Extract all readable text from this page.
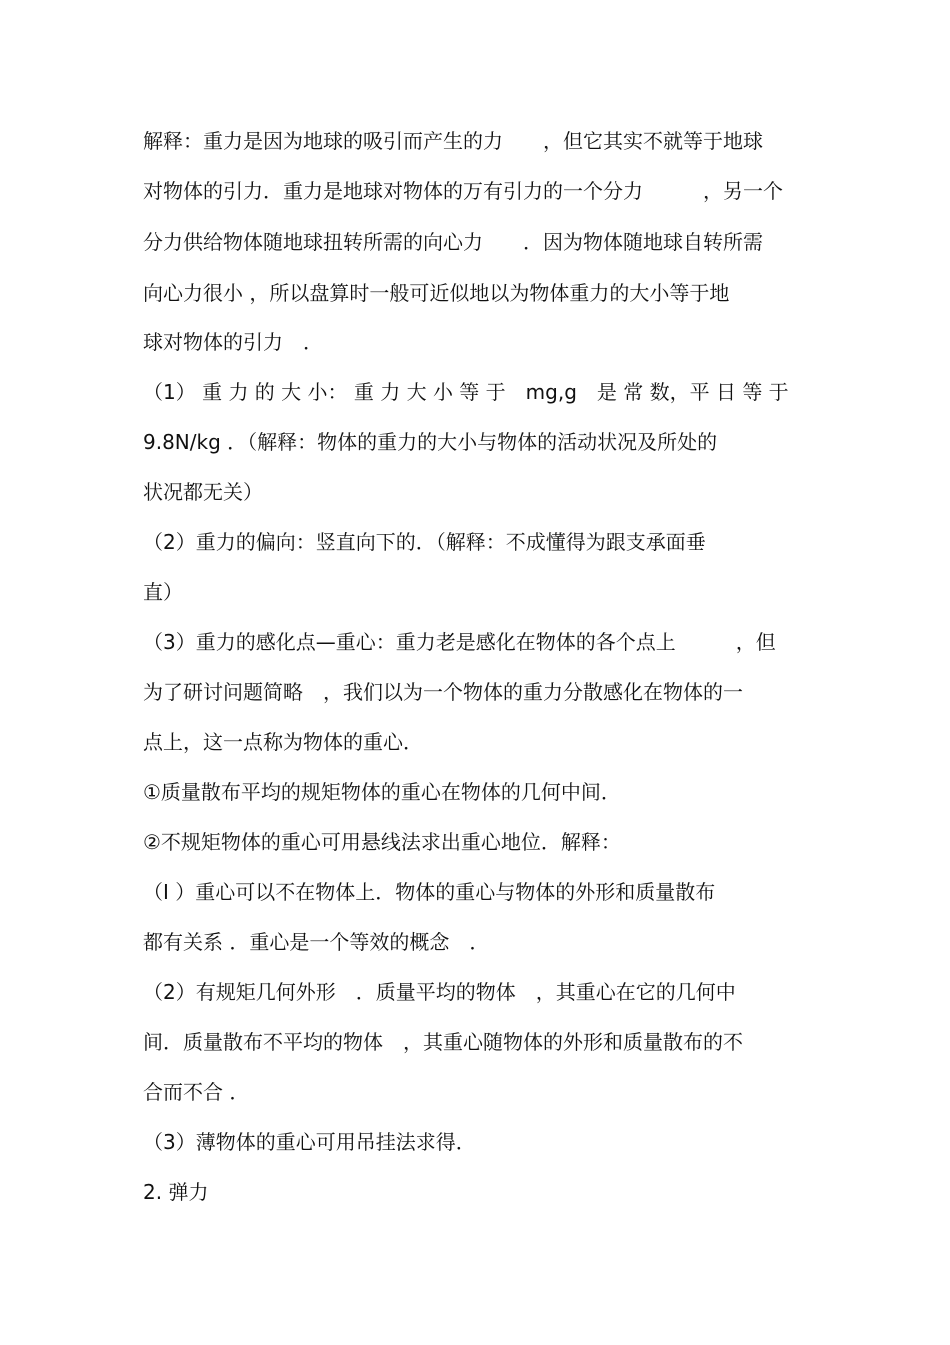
解释：重力是因为地球的吸引而产生的力　　，但它其实不就等于地球
对物体的引力．重力是地球对物体的万有引力的一个分力　　　，另一个
分力供给物体随地球扭转所需的向心力　　．因为物体随地球自转所需
向心力很小 ，所以盘算时一般可近似地以为物体重力的大小等于地
球对物体的引力　．
（1） 重 力 的 大 小： 重 力 大 小 等 于　mg,g　是 常 数，平 日 等 于
9.8N/kg ．（解释：物体的重力的大小与物体的活动状况及所处的
状况都无关）
（2）重力的偏向：竖直向下的．（解释：不成懂得为跟支承面垂
直）
（3）重力的感化点—重心：重力老是感化在物体的各个点上　　　，但
为了研讨问题简略　，我们以为一个物体的重力分散感化在物体的一
点上，这一点称为物体的重心．
①质量散布平均的规矩物体的重心在物体的几何中间．
②不规矩物体的重心可用悬线法求出重心地位．解释：
（I ）重心可以不在物体上．物体的重心与物体的外形和质量散布
都有关系 ．重心是一个等效的概念　．
（2）有规矩几何外形　．质量平均的物体　，其重心在它的几何中
间．质量散布不平均的物体　，其重心随物体的外形和质量散布的不
合而不合 ．
（3）薄物体的重心可用吊挂法求得．
2. 弹力
